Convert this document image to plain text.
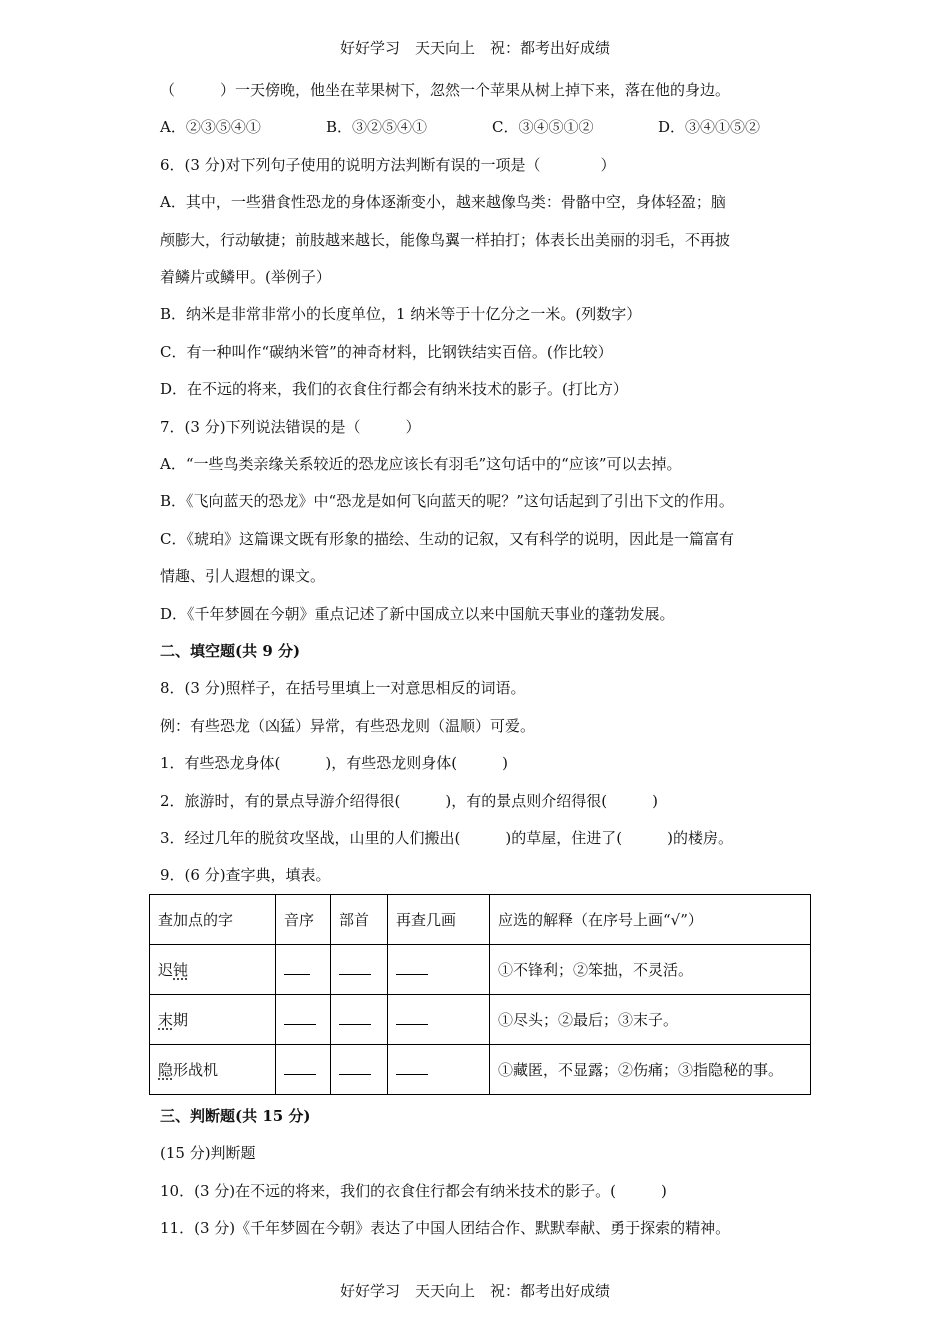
好好学习　天天向上　祝：都考出好成绩
（　　　）一天傍晚，他坐在苹果树下，忽然一个苹果从树上掉下来，落在他的身边。
A．②③⑤④①	B．③②⑤④①	C．③④⑤①②	D．③④①⑤②
6．(3 分)对下列句子使用的说明方法判断有误的一项是（　　　　）
A．其中，一些猎食性恐龙的身体逐渐变小，越来越像鸟类：骨骼中空，身体轻盈；脑
颅膨大，行动敏捷；前肢越来越长，能像鸟翼一样拍打；体表长出美丽的羽毛，不再披
着鳞片或鳞甲。(举例子）
B．纳米是非常非常小的长度单位，1 纳米等于十亿分之一米。(列数字）
C．有一种叫作“碳纳米管”的神奇材料，比钢铁结实百倍。(作比较）
D．在不远的将来，我们的衣食住行都会有纳米技术的影子。(打比方）
7．(3 分)下列说法错误的是（　　　）
A．“一些鸟类亲缘关系较近的恐龙应该长有羽毛”这句话中的“应该”可以去掉。
B．《飞向蓝天的恐龙》中“恐龙是如何飞向蓝天的呢？”这句话起到了引出下文的作用。
C．《琥珀》这篇课文既有形象的描绘、生动的记叙，又有科学的说明，因此是一篇富有
情趣、引人遐想的课文。
D．《千年梦圆在今朝》重点记述了新中国成立以来中国航天事业的蓬勃发展。
二、填空题(共 9 分)
8．(3 分)照样子，在括号里填上一对意思相反的词语。
例：有些恐龙（凶猛）异常，有些恐龙则（温顺）可爱。
1．有些恐龙身体(　　　)，有些恐龙则身体(　　　)
2．旅游时，有的景点导游介绍得很(　　　)，有的景点则介绍得很(　　　)
3．经过几年的脱贫攻坚战，山里的人们搬出(　　　)的草屋，住进了(　　　)的楼房。
9．(6 分)查字典，填表。
查加点的字	音序	部首	再查几画	应选的解释（在序号上画“√”）
迟钝				①不锋利；②笨拙，不灵活。
末期				①尽头；②最后；③末子。
隐形战机				①藏匿，不显露；②伤痛；③指隐秘的事。
三、判断题(共 15 分)
(15 分)判断题
10．(3 分)在不远的将来，我们的衣食住行都会有纳米技术的影子。(　　　)
11．(3 分)《千年梦圆在今朝》表达了中国人团结合作、默默奉献、勇于探索的精神。
好好学习　天天向上　祝：都考出好成绩
